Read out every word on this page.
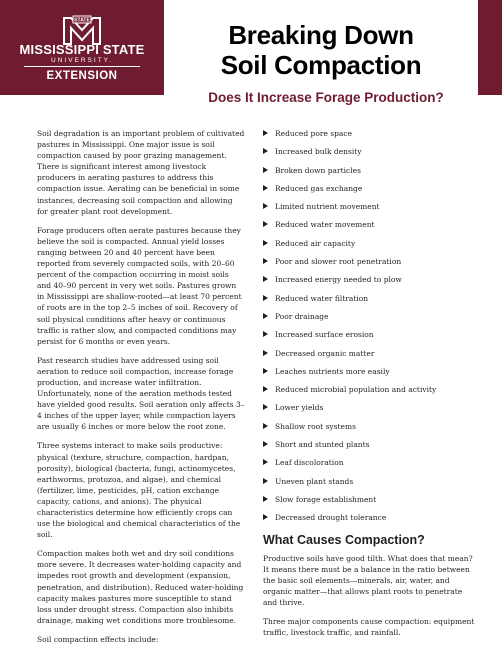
STATE
MISSISSIPPI STATE
UNIVERSITY.
EXTENSION
Breaking Down
Soil Compaction
Does It Increase Forage Production?

Soil degradation is an important problem of cultivated pastures in Mississippi. One major issue is soil compaction caused by poor grazing management. There is significant interest among livestock producers in aerating pastures to address this compaction issue. Aerating can be beneficial in some instances, decreasing soil compaction and allowing for greater plant root development.

Forage producers often aerate pastures because they believe the soil is compacted. Annual yield losses ranging between 20 and 40 percent have been reported from severely compacted soils, with 20–60 percent of the compaction occurring in moist soils and 40–90 percent in very wet soils. Pastures grown in Mississippi are shallow-rooted—at least 70 percent of roots are in the top 2–5 inches of soil. Recovery of soil physical conditions after heavy or continuous traffic is rather slow, and compacted conditions may persist for 6 months or even years.

Past research studies have addressed using soil aeration to reduce soil compaction, increase forage production, and increase water infiltration. Unfortunately, none of the aeration methods tested have yielded good results. Soil aeration only affects 3–4 inches of the upper layer, while compaction layers are usually 6 inches or more below the root zone.

Three systems interact to make soils productive: physical (texture, structure, compaction, hardpan, porosity), biological (bacteria, fungi, actinomycetes, earthworms, protozoa, and algae), and chemical (fertilizer, lime, pesticides, pH, cation exchange capacity, cations, and anions). The physical characteristics determine how efficiently crops can use the biological and chemical characteristics of the soil.

Compaction makes both wet and dry soil conditions more severe. It decreases water-holding capacity and impedes root growth and development (expansion, penetration, and distribution). Reduced water-holding capacity makes pastures more susceptible to stand loss under drought stress. Compaction also inhibits drainage, making wet conditions more troublesome.

Soil compaction effects include:

Reduced pore space
Increased bulk density
Broken down particles
Reduced gas exchange
Limited nutrient movement
Reduced water movement
Reduced air capacity
Poor and slower root penetration
Increased energy needed to plow
Reduced water filtration
Poor drainage
Increased surface erosion
Decreased organic matter
Leaches nutrients more easily
Reduced microbial population and activity
Lower yields
Shallow root systems
Short and stunted plants
Leaf discoloration
Uneven plant stands
Slow forage establishment
Decreased drought tolerance
What Causes Compaction?

Productive soils have good tilth. What does that mean? It means there must be a balance in the ratio between the basic soil elements—minerals, air, water, and organic matter—that allows plant roots to penetrate and thrive.

Three major components cause compaction: equipment traffic, livestock traffic, and rainfall.
